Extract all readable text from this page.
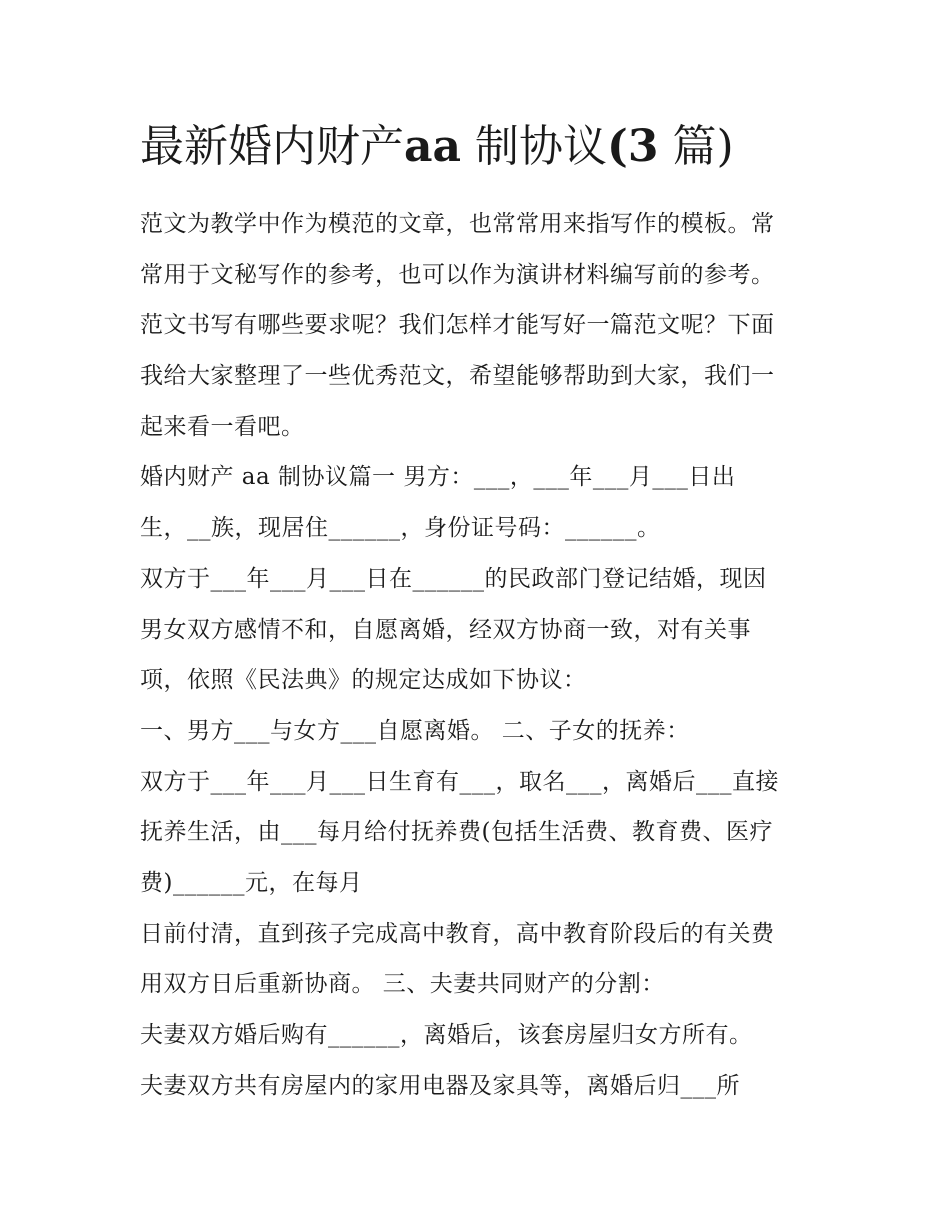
最新婚内财产aa 制协议(3 篇)
范文为教学中作为模范的文章，也常常用来指写作的模板。常
常用于文秘写作的参考，也可以作为演讲材料编写前的参考。
范文书写有哪些要求呢？我们怎样才能写好一篇范文呢？下面
我给大家整理了一些优秀范文，希望能够帮助到大家，我们一
起来看一看吧。
婚内财产 aa 制协议篇一 男方：___，___年___月___日出
生，__族，现居住______，身份证号码：______。
双方于___年___月___日在______的民政部门登记结婚，现因
男女双方感情不和，自愿离婚，经双方协商一致，对有关事
项，依照《民法典》的规定达成如下协议：
一、男方___与女方___自愿离婚。 二、子女的抚养：
双方于___年___月___日生育有___，取名___，离婚后___直接
抚养生活，由___每月给付抚养费(包括生活费、教育费、医疗
费)______元，在每月
日前付清，直到孩子完成高中教育，高中教育阶段后的有关费
用双方日后重新协商。 三、夫妻共同财产的分割：
夫妻双方婚后购有______，离婚后，该套房屋归女方所有。
夫妻双方共有房屋内的家用电器及家具等，离婚后归___所
